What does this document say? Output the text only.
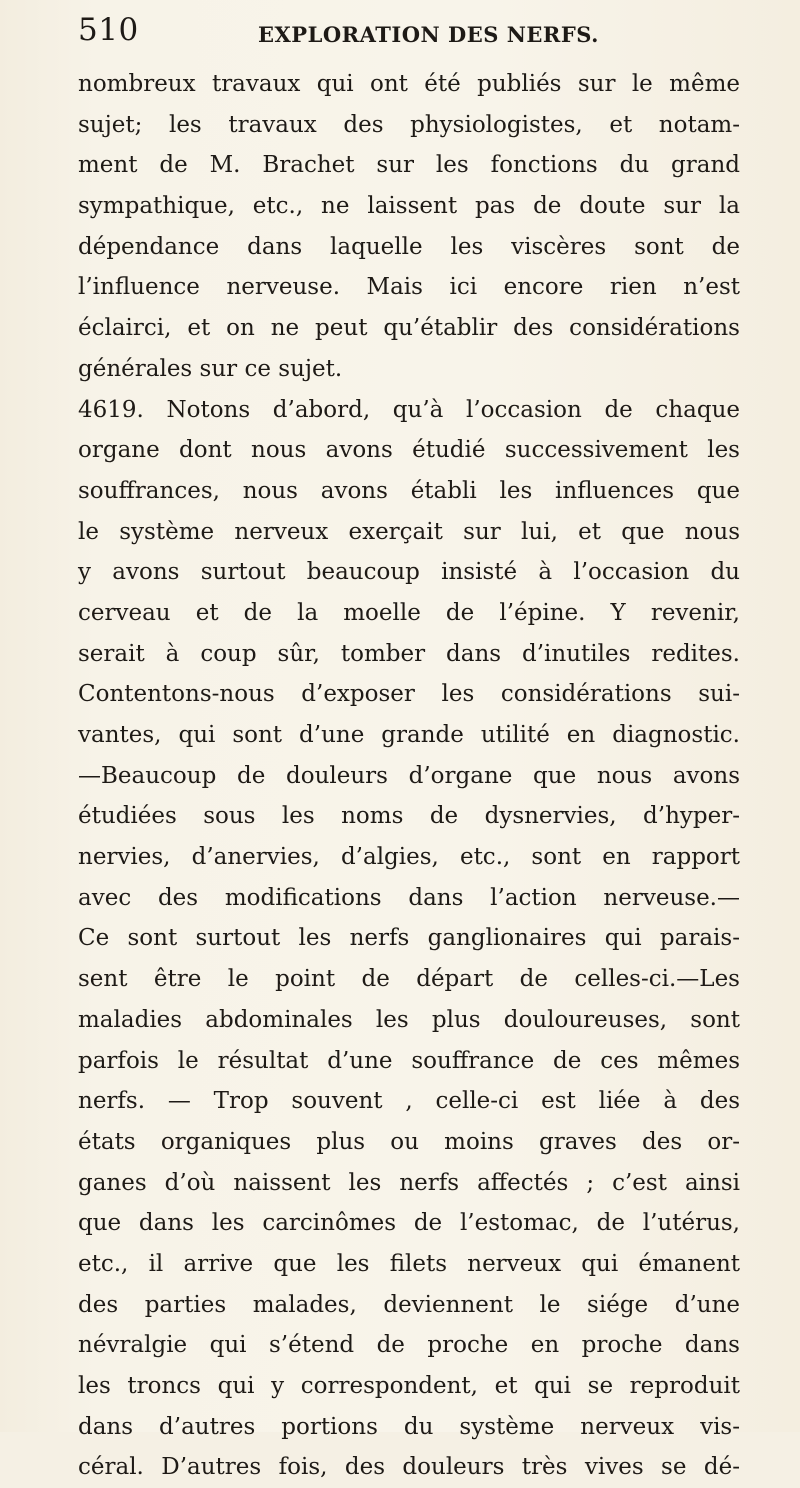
510	EXPLORATION DES NERFS.
nombreux travaux qui ont été publiés sur le même
sujet; les travaux des physiologistes, et notam-
ment de M. Brachet sur les fonctions du grand
sympathique, etc., ne laissent pas de doute sur la
dépendance dans laquelle les viscères sont de
l’influence nerveuse. Mais ici encore rien n’est
éclairci, et on ne peut qu’établir des considérations
générales sur ce sujet.
4619. Notons d’abord, qu’à l’occasion de chaque
organe dont nous avons étudié successivement les
souffrances, nous avons établi les influences que
le système nerveux exerçait sur lui, et que nous
y avons surtout beaucoup insisté à l’occasion du
cerveau et de la moelle de l’épine. Y revenir,
serait à coup sûr, tomber dans d’inutiles redites.
Contentons-nous d’exposer les considérations sui-
vantes, qui sont d’une grande utilité en diagnostic.
—Beaucoup de douleurs d’organe que nous avons
étudiées sous les noms de dysnervies, d’hyper-
nervies, d’anervies, d’algies, etc., sont en rapport
avec des modifications dans l’action nerveuse.—
Ce sont surtout les nerfs ganglionaires qui parais-
sent être le point de départ de celles-ci.—Les
maladies abdominales les plus douloureuses, sont
parfois le résultat d’une souffrance de ces mêmes
nerfs. — Trop souvent , celle-ci est liée à des
états organiques plus ou moins graves des or-
ganes d’où naissent les nerfs affectés ; c’est ainsi
que dans les carcinômes de l’estomac, de l’utérus,
etc., il arrive que les filets nerveux qui émanent
des parties malades, deviennent le siége d’une
névralgie qui s’étend de proche en proche dans
les troncs qui y correspondent, et qui se reproduit
dans d’autres portions du système nerveux vis-
céral. D’autres fois, des douleurs très vives se dé-
